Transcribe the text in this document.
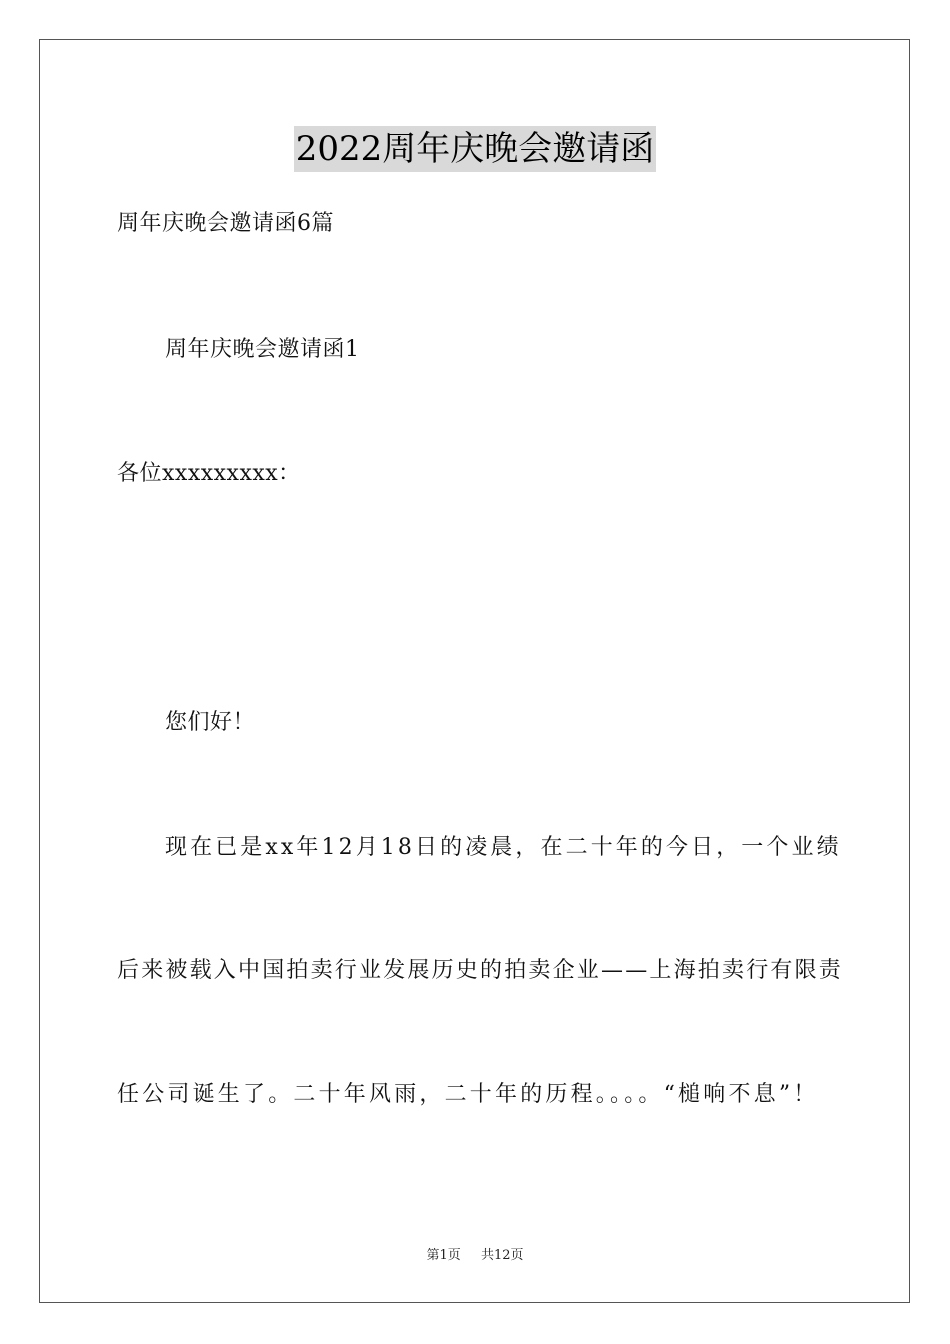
2022周年庆晚会邀请函
周年庆晚会邀请函6篇
周年庆晚会邀请函1
各位xxxxxxxxx：
您们好！
现在已是xx年12月18日的凌晨，在二十年的今日，一个业绩
后来被载入中国拍卖行业发展历史的拍卖企业——上海拍卖行有限责
任公司诞生了。二十年风雨，二十年的历程。。。。“槌响不息”！
第1页 共12页
